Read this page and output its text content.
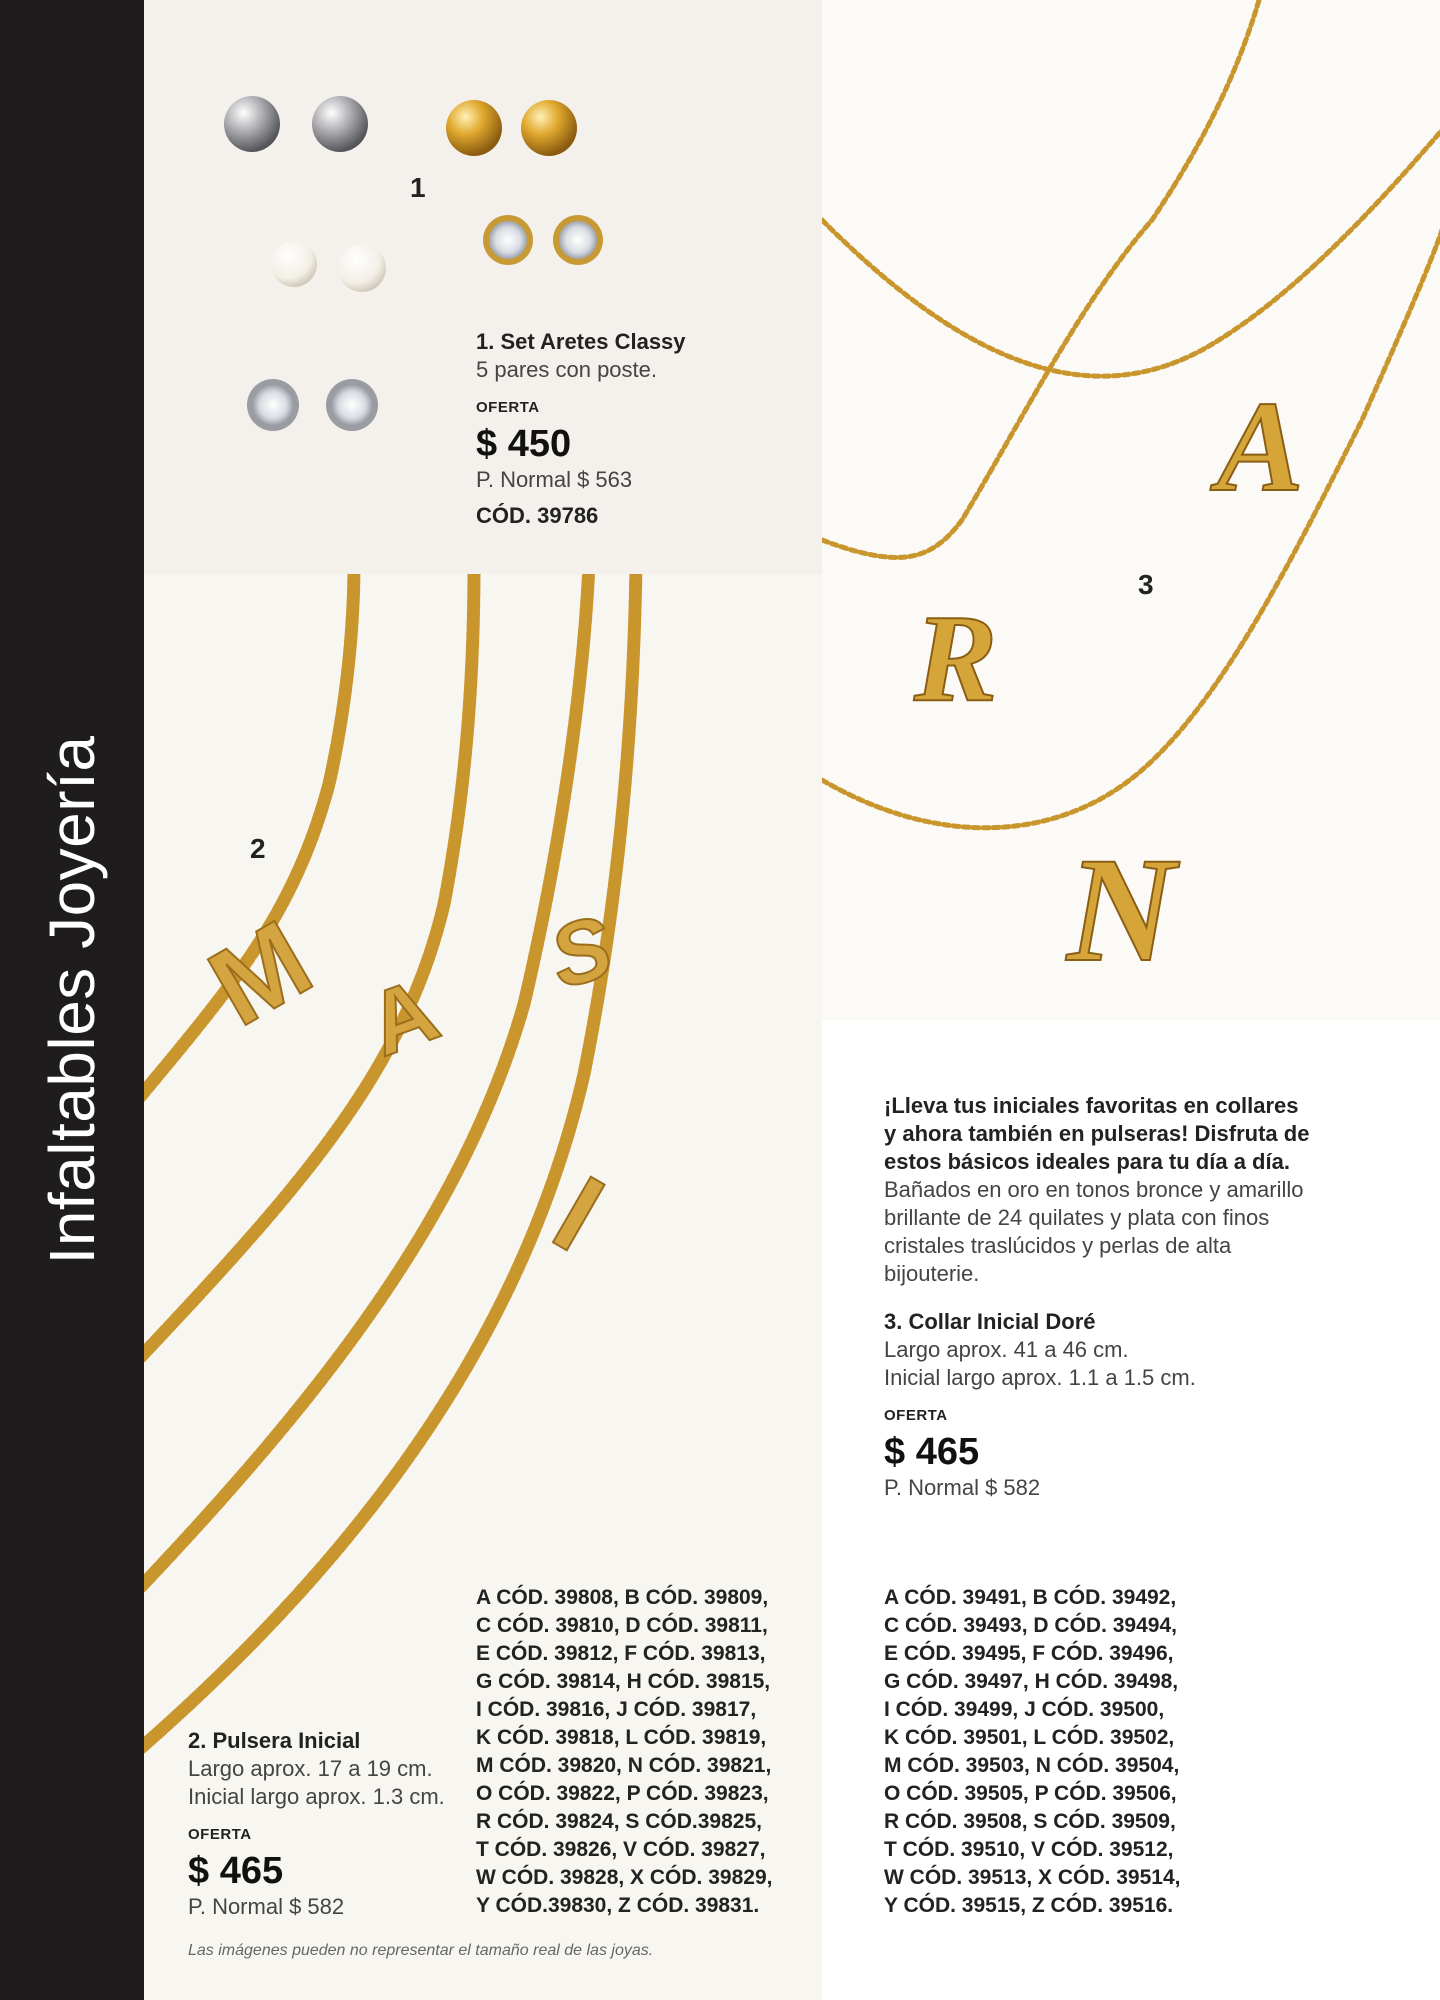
Infaltables Joyería M A
S
I
A
R
N
1
2
3
1. Set Aretes Classy
5 pares con poste.
OFERTA
$ 450
P. Normal $ 563
CÓD. 39786
2. Pulsera Inicial
Largo aprox. 17 a 19 cm.
Inicial largo aprox. 1.3 cm.
OFERTA
$ 465
P. Normal $ 582
A CÓD. 39808, B CÓD. 39809,
C CÓD. 39810, D CÓD. 39811,
E CÓD. 39812, F CÓD. 39813,
G CÓD. 39814, H CÓD. 39815,
I CÓD. 39816, J CÓD. 39817,
K CÓD. 39818, L CÓD. 39819,
M CÓD. 39820, N CÓD. 39821,
O CÓD. 39822, P CÓD. 39823,
R CÓD. 39824, S CÓD.39825,
T CÓD. 39826, V CÓD. 39827,
W CÓD. 39828, X CÓD. 39829,
Y CÓD.39830, Z CÓD. 39831.
¡Lleva tus iniciales favoritas en collares
y ahora también en pulseras! Disfruta de
estos básicos ideales para tu día a día.
Bañados en oro en tonos bronce y amarillo
brillante de 24 quilates y plata con finos
cristales traslúcidos y perlas de alta
bijouterie.
3. Collar Inicial Doré
Largo aprox. 41 a 46 cm.
Inicial largo aprox. 1.1 a 1.5 cm.
OFERTA
$ 465
P. Normal $ 582
A CÓD. 39491, B CÓD. 39492,
C CÓD. 39493, D CÓD. 39494,
E CÓD. 39495, F CÓD. 39496,
G CÓD. 39497, H CÓD. 39498,
I CÓD. 39499, J CÓD. 39500,
K CÓD. 39501, L CÓD. 39502,
M CÓD. 39503, N CÓD. 39504,
O CÓD. 39505, P CÓD. 39506,
R CÓD. 39508, S CÓD. 39509,
T CÓD. 39510, V CÓD. 39512,
W CÓD. 39513, X CÓD. 39514,
Y CÓD. 39515, Z CÓD. 39516.
Las imágenes pueden no representar el tamaño real de las joyas.
